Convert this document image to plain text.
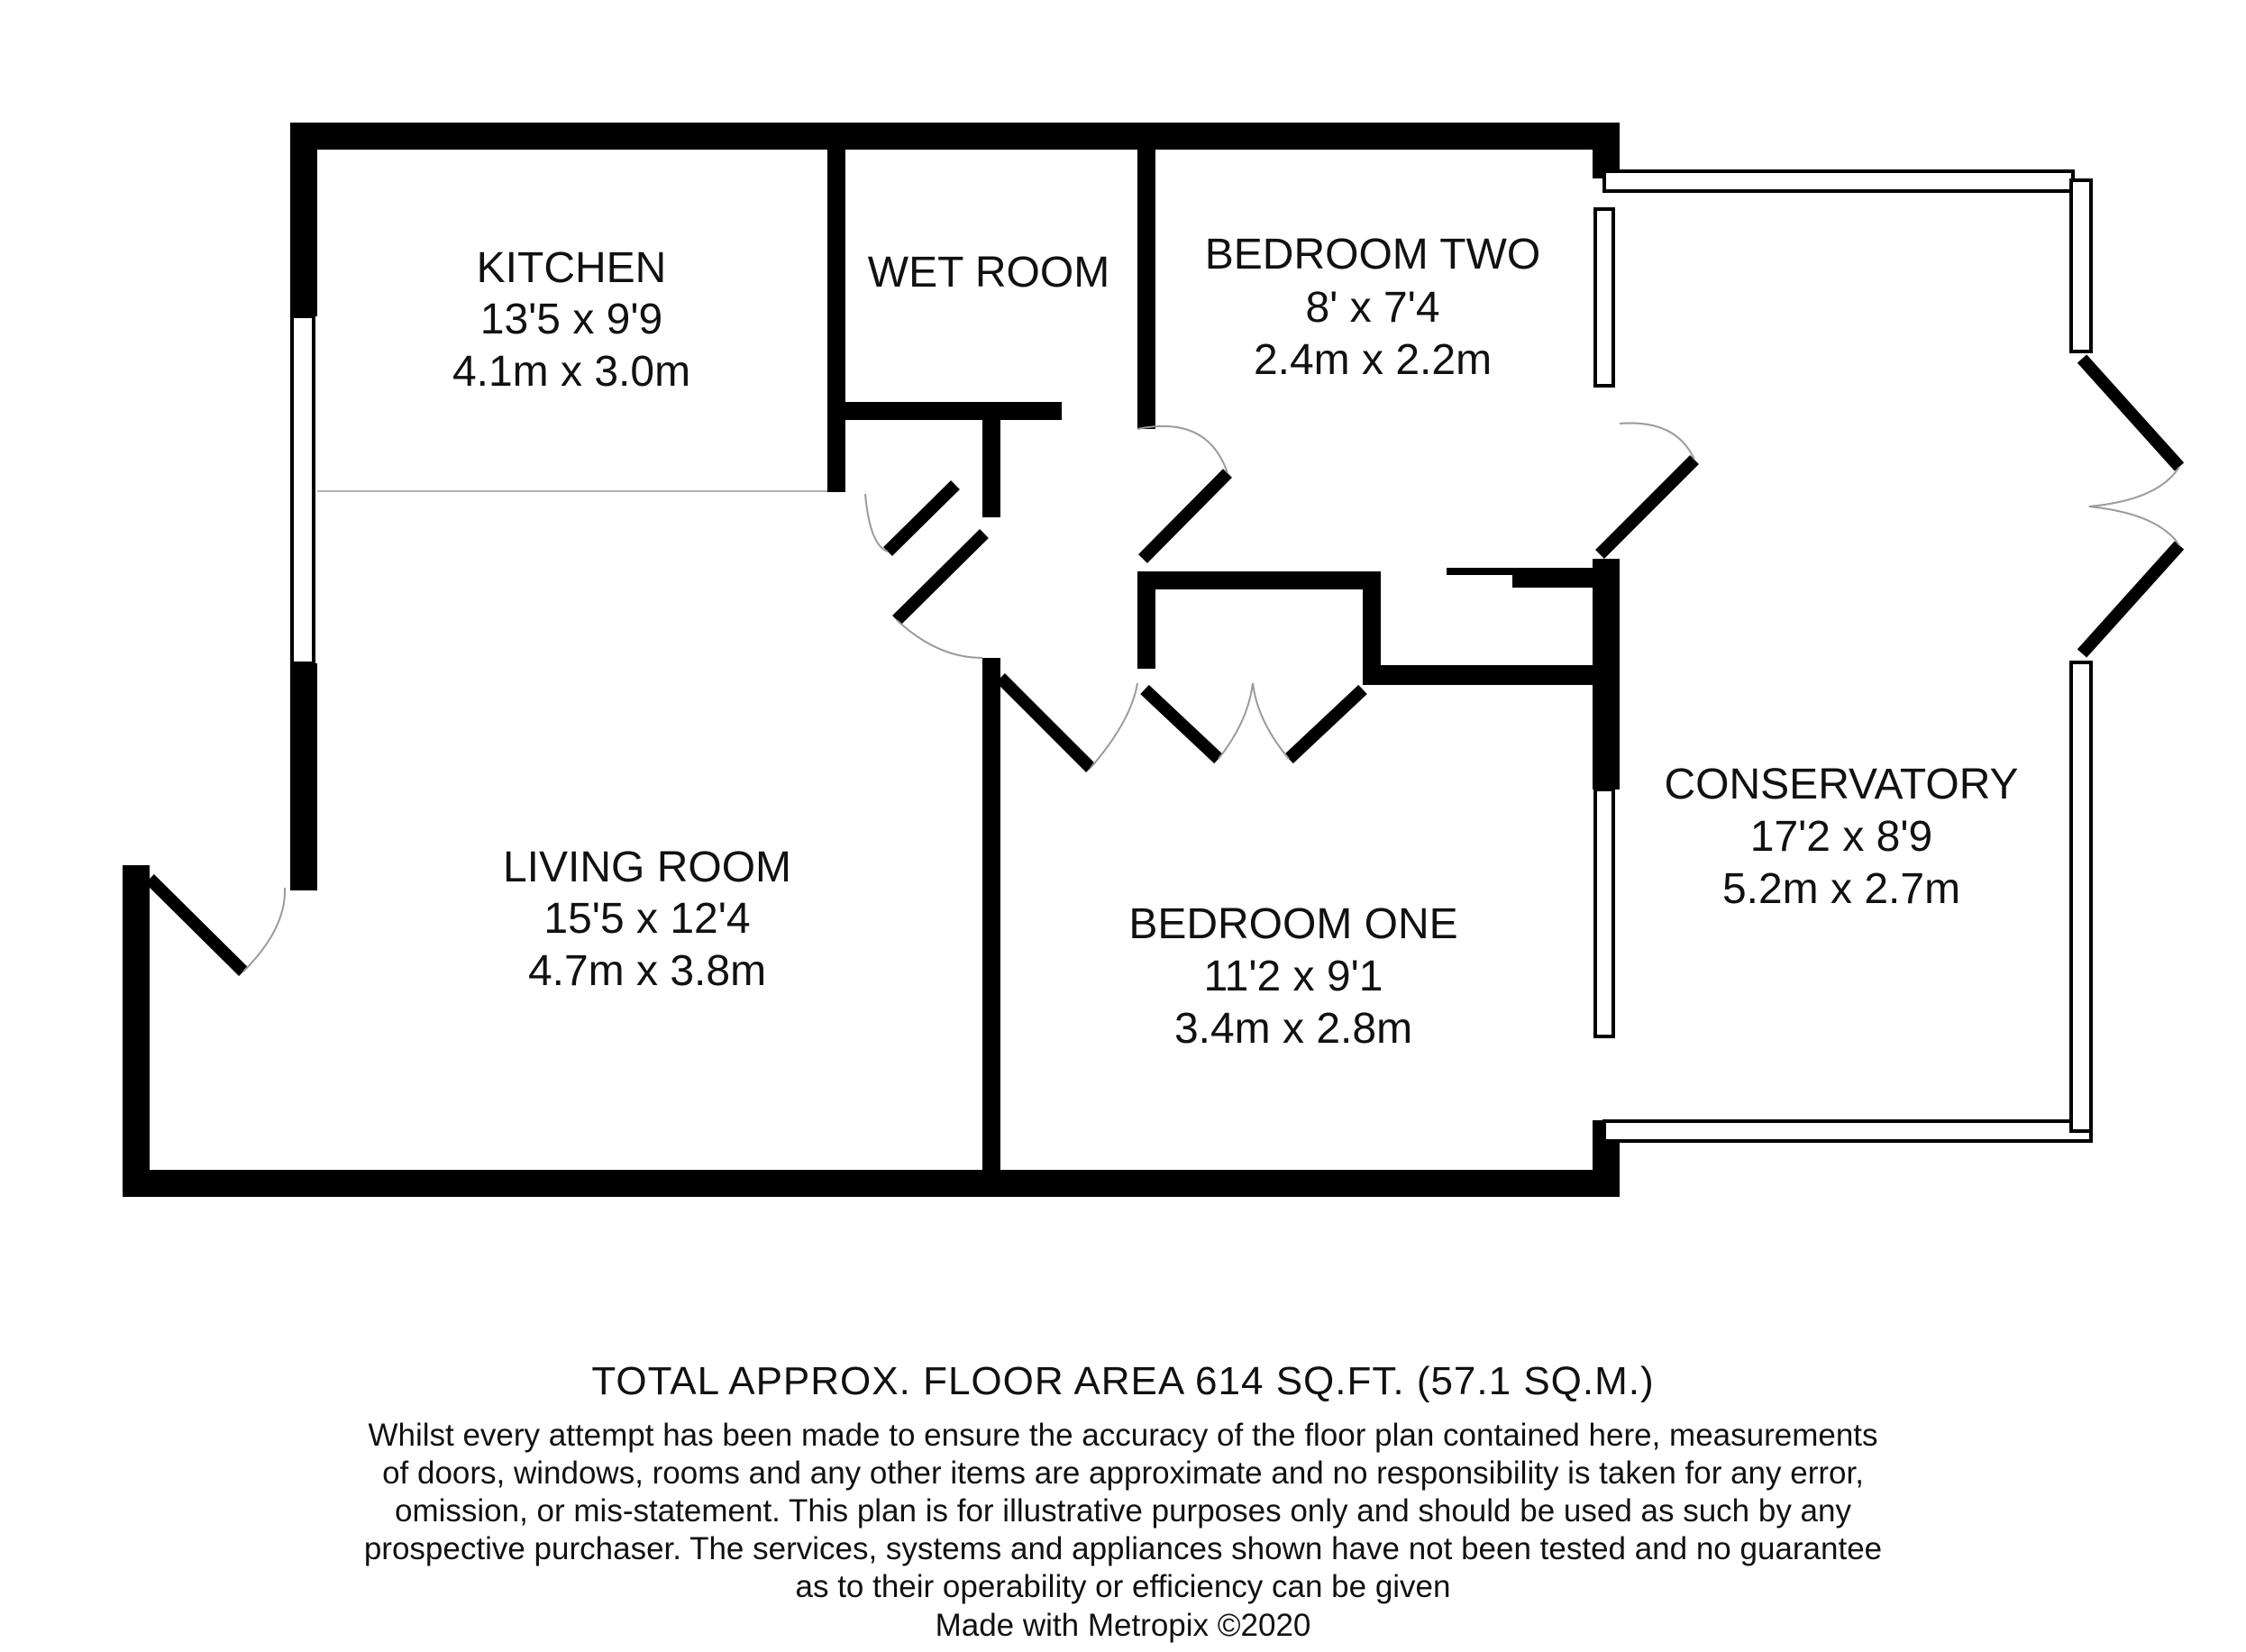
KITCHEN
13'5 x 9'9
4.1m x 3.0m
WET ROOM BEDROOM TWO
8' x 7'4
2.4m x 2.2m
LIVING ROOM
15'5 x 12'4
4.7m x 3.8m
BEDROOM ONE
11'2 x 9'1
3.4m x 2.8m
CONSERVATORY
17'2 x 8'9
5.2m x 2.7m
TOTAL APPROX. FLOOR AREA 614 SQ.FT. (57.1 SQ.M.)
Whilst every attempt has been made to ensure the accuracy of the floor plan contained here, measurements
of doors, windows, rooms and any other items are approximate and no responsibility is taken for any error,
omission, or mis-statement. This plan is for illustrative purposes only and should be used as such by any
prospective purchaser. The services, systems and appliances shown have not been tested and no guarantee
as to their operability or efficiency can be given
Made with Metropix ©2020
